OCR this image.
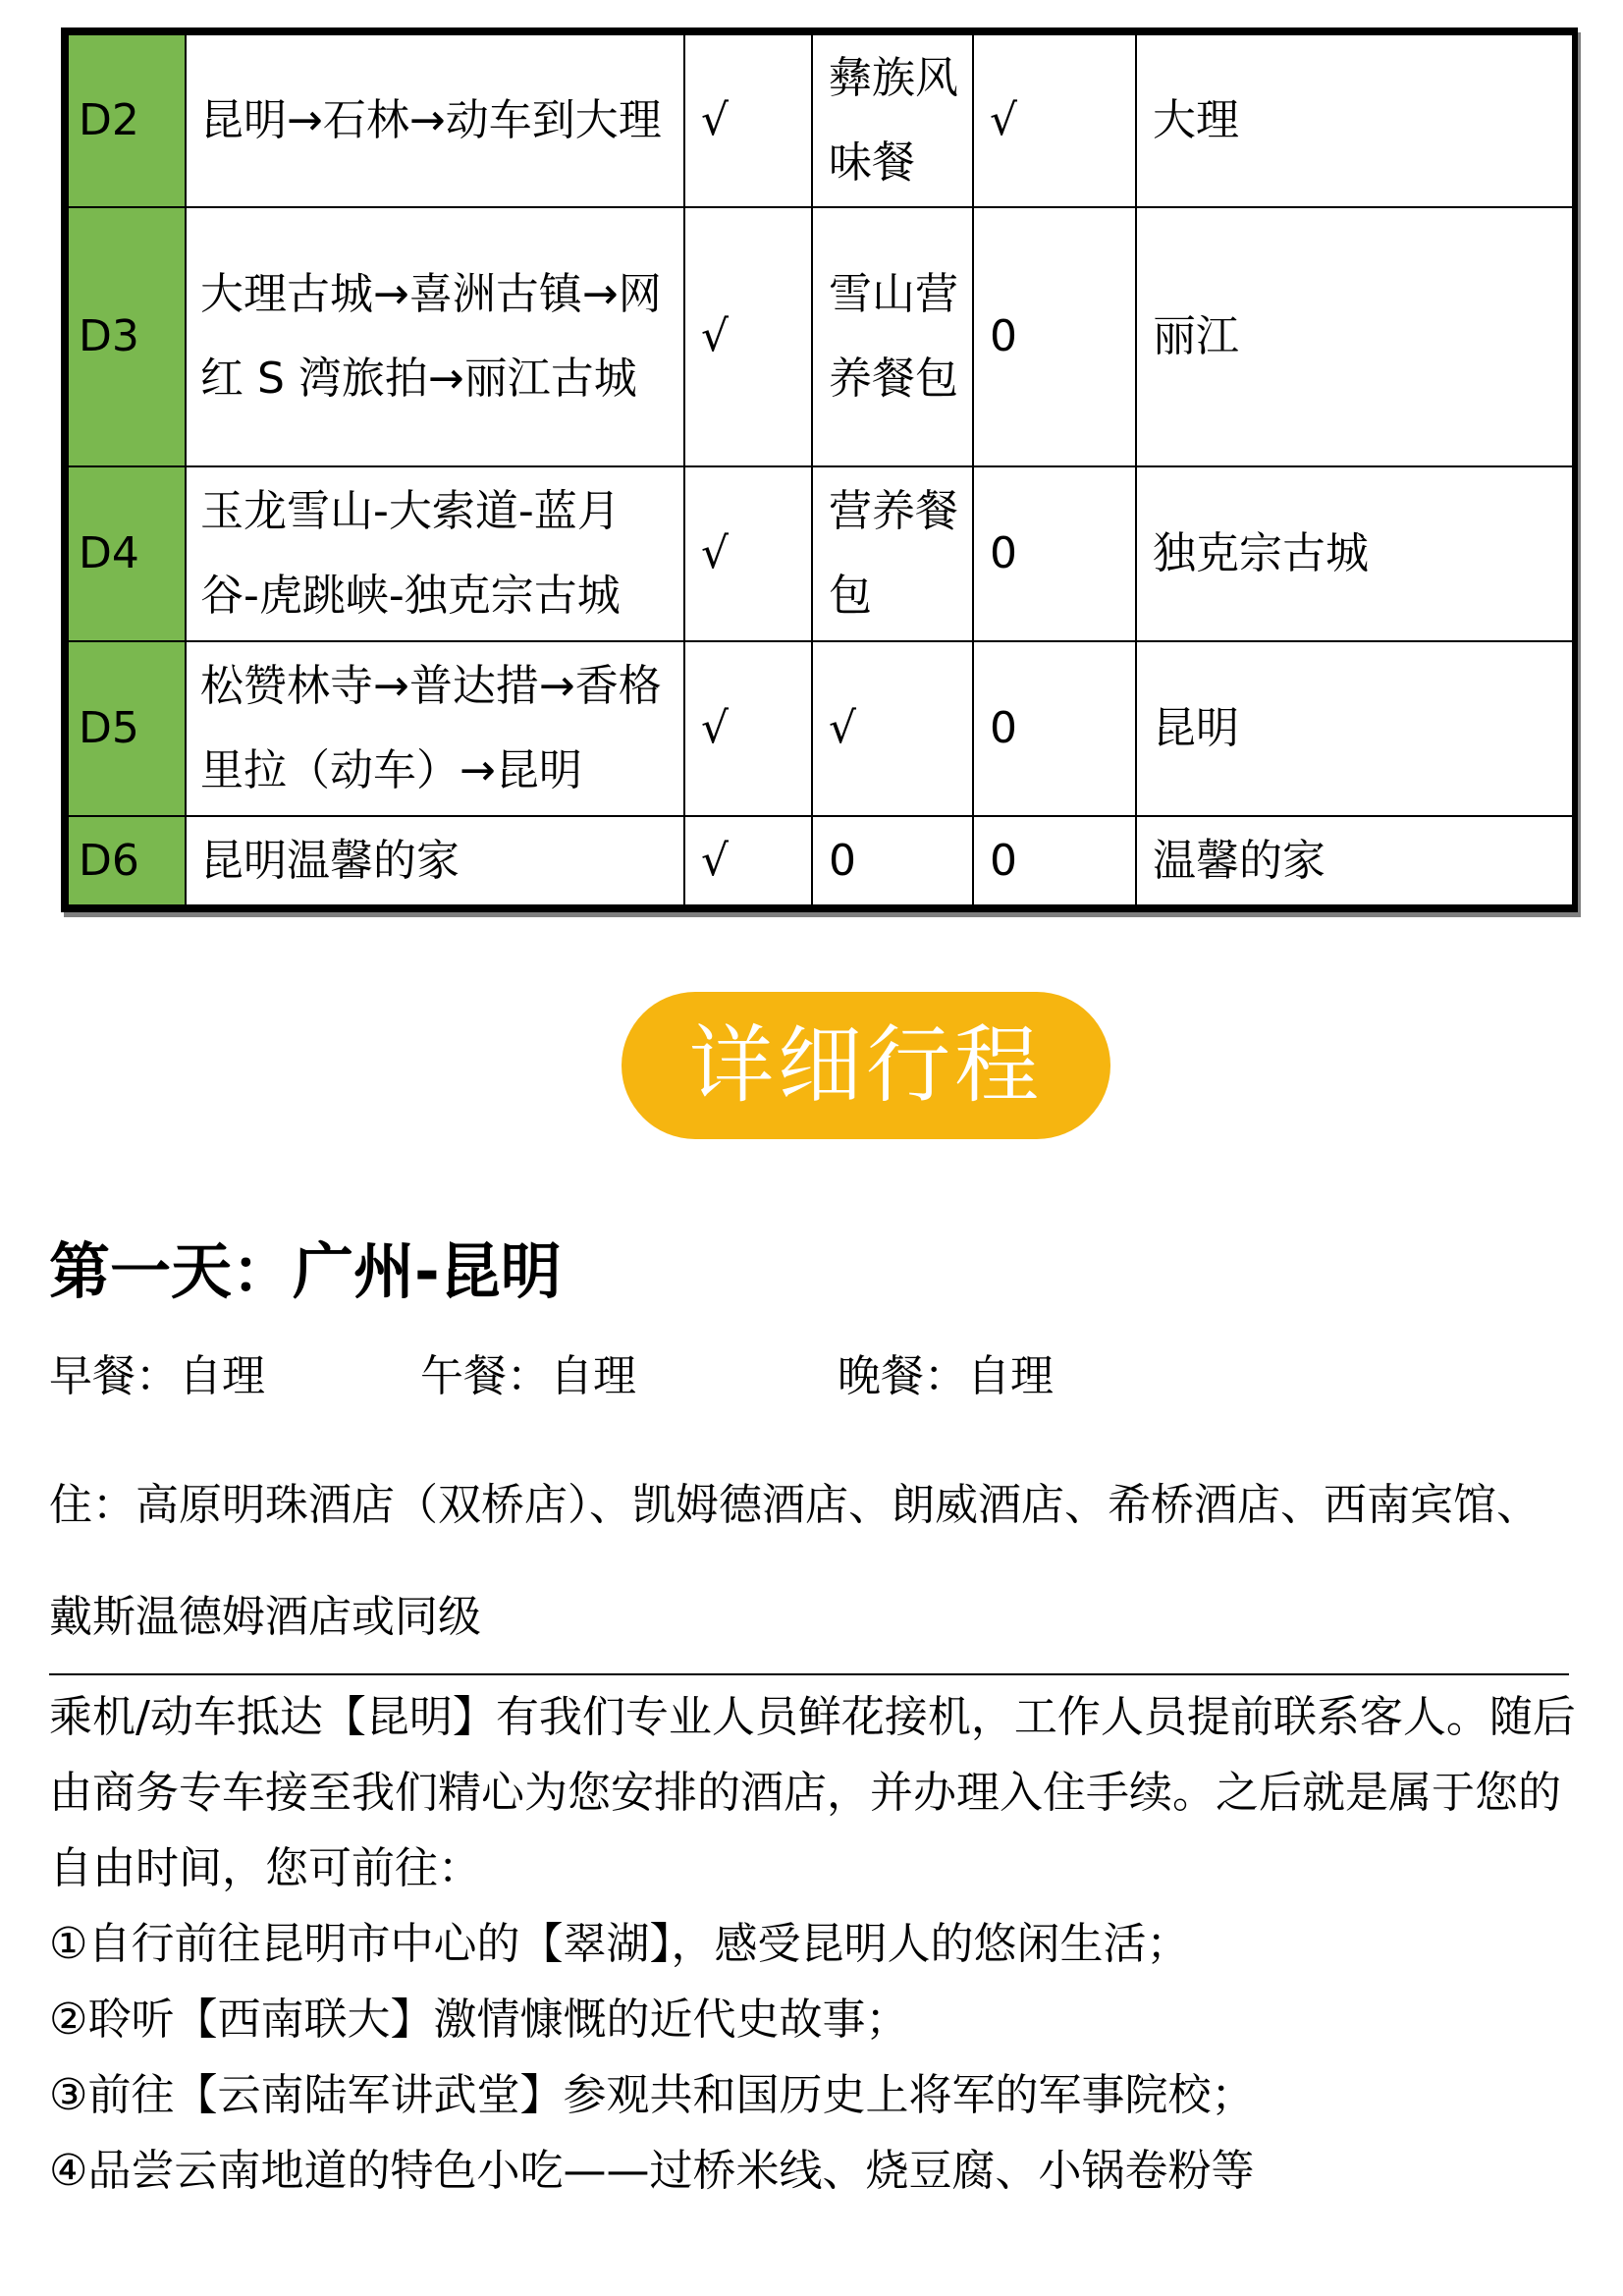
D2	昆明→石林→动车到大理	√	彝族风味餐	√	大理
D3	大理古城→喜洲古镇→网红 S 湾旅拍→丽江古城	√	雪山营养餐包	0	丽江
D4	玉龙雪山-大索道-蓝月谷-虎跳峡-独克宗古城	√	营养餐包	0	独克宗古城
D5	松赞林寺→普达措→香格里拉（动车）→昆明	√	√	0	昆明
D6	昆明温馨的家	√	0	0	温馨的家
详细行程
第一天：广州-昆明
早餐：自理	午餐：自理	晚餐：自理
住：高原明珠酒店（双桥店）、凯姆德酒店、朗威酒店、希桥酒店、西南宾馆、戴斯温德姆酒店或同级

乘机/动车抵达【昆明】有我们专业人员鲜花接机，工作人员提前联系客人。随后

由商务专车接至我们精心为您安排的酒店，并办理入住手续。之后就是属于您的

自由时间，您可前往：

①自行前往昆明市中心的【翠湖】，感受昆明人的悠闲生活；

②聆听【西南联大】激情慷慨的近代史故事；

③前往【云南陆军讲武堂】参观共和国历史上将军的军事院校；

④品尝云南地道的特色小吃——过桥米线、烧豆腐、小锅卷粉等
